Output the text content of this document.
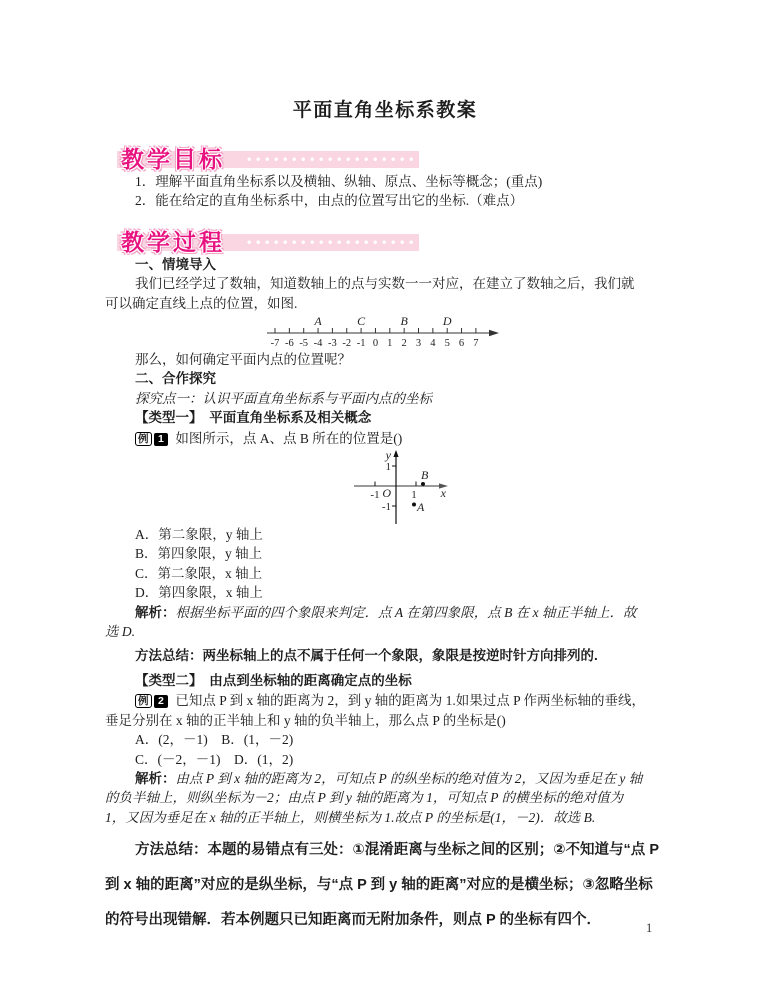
平面直角坐标系教案
教学目标

1．理解平面直角坐标系以及横轴、纵轴、原点、坐标等概念；(重点)

2．能在给定的直角坐标系中，由点的位置写出它的坐标.（难点）

教学过程

一、情境导入

我们已经学过了数轴，知道数轴上的点与实数一一对应，在建立了数轴之后，我们就

可以确定直线上点的位置，如图.

-7 -6 -5 -4 -3 -2 -1 0 1 2 3 4 5 6 7
A	C	B	D

那么，如何确定平面内点的位置呢？

二、合作探究

探究点一：认识平面直角坐标系与平面内点的坐标

【类型一】　平面直角坐标系及相关概念

例 1 如图所示，点 A、点 B 所在的位置是()

y
x
O
-1	1
1
-1
B
A

A．第二象限，y 轴上

B．第四象限，y 轴上

C．第二象限，x 轴上

D．第四象限，x 轴上

解析：根据坐标平面的四个象限来判定．点 A 在第四象限，点 B 在 x 轴正半轴上．故

选 D.

方法总结：两坐标轴上的点不属于任何一个象限，象限是按逆时针方向排列的.

【类型二】　由点到坐标轴的距离确定点的坐标

例 2 已知点 P 到 x 轴的距离为 2，到 y 轴的距离为 1.如果过点 P 作两坐标轴的垂线，

垂足分别在 x 轴的正半轴上和 y 轴的负半轴上，那么点 P 的坐标是()

A．(2，－1)　B．(1，－2)

C．(－2，－1)　D．(1，2)

解析：由点 P 到 x 轴的距离为 2，可知点 P 的纵坐标的绝对值为 2，又因为垂足在 y 轴

的负半轴上，则纵坐标为－2；由点 P 到 y 轴的距离为 1，可知点 P 的横坐标的绝对值为

1，又因为垂足在 x 轴的正半轴上，则横坐标为 1.故点 P 的坐标是(1，－2)．故选 B.

方法总结：本题的易错点有三处：①混淆距离与坐标之间的区别；②不知道与“点 P

到 x 轴的距离”对应的是纵坐标，与“点 P 到 y 轴的距离”对应的是横坐标；③忽略坐标

的符号出现错解．若本例题只已知距离而无附加条件，则点 P 的坐标有四个．	1
